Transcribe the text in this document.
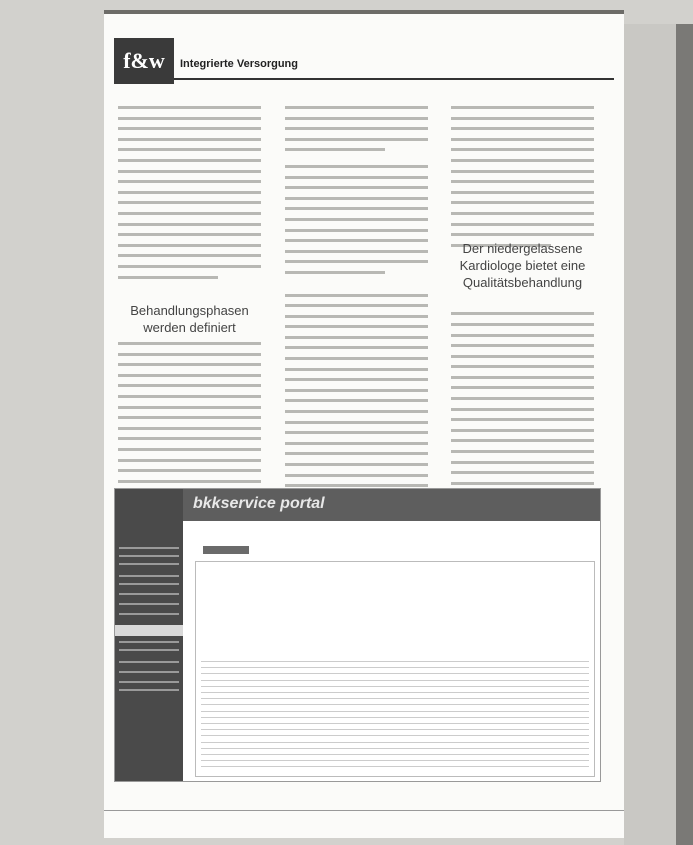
f&w	Integrierte Versorgung
Behandlungsphasen werden definiert
Der niedergelassene Kardiologe bietet eine Qualitätsbehandlung
bkkservice portal
